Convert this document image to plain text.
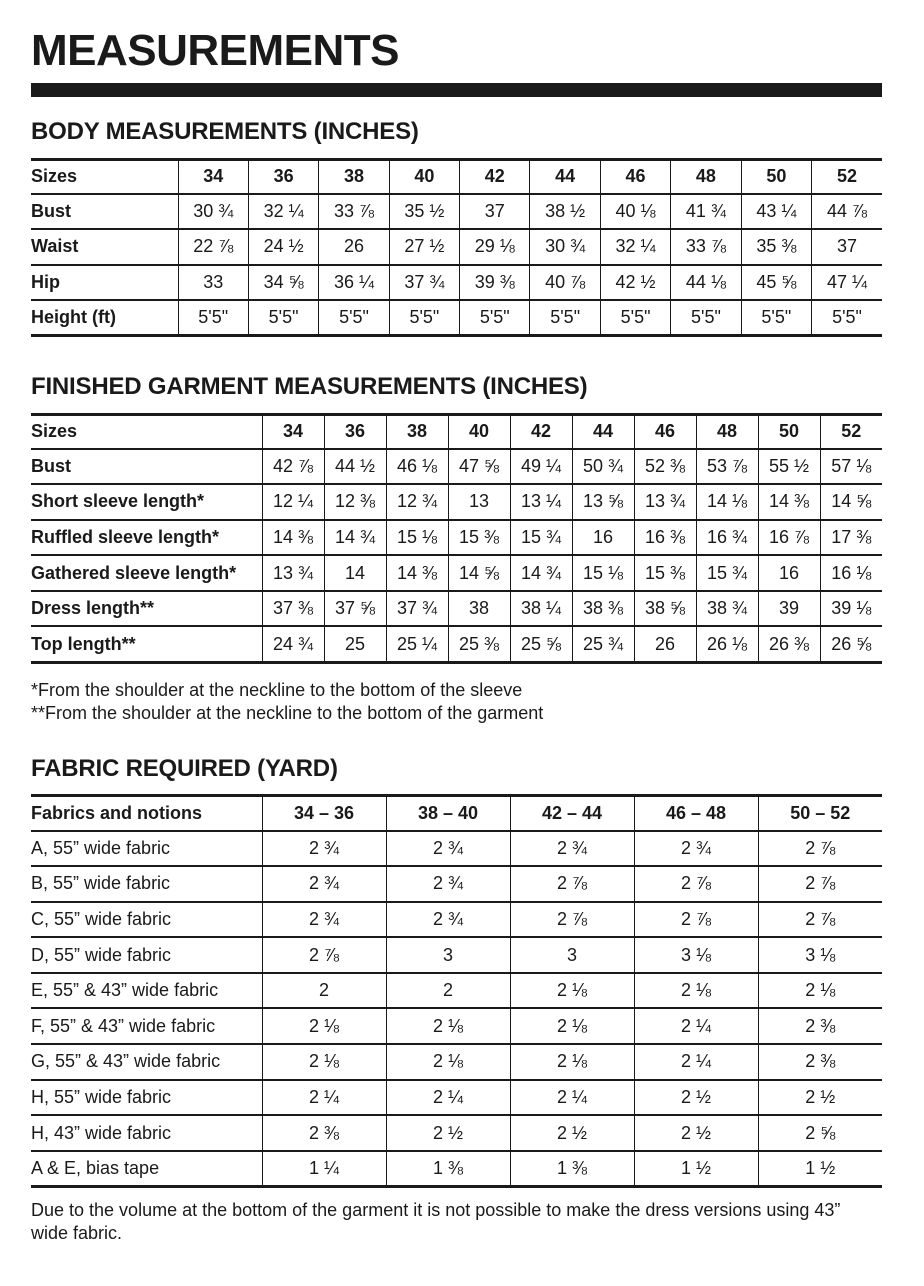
MEASUREMENTS
BODY MEASUREMENTS (INCHES)
Sizes	34	36	38	40	42	44	46	48	50	52
Bust	30 ¾	32 ¼	33 ⅞	35 ½	37	38 ½	40 ⅛	41 ¾	43 ¼	44 ⅞
Waist	22 ⅞	24 ½	26	27 ½	29 ⅛	30 ¾	32 ¼	33 ⅞	35 ⅜	37
Hip	33	34 ⅝	36 ¼	37 ¾	39 ⅜	40 ⅞	42 ½	44 ⅛	45 ⅝	47 ¼
Height (ft)	5'5"	5'5"	5'5"	5'5"	5'5"	5'5"	5'5"	5'5"	5'5"	5'5"
FINISHED GARMENT MEASUREMENTS (INCHES)
Sizes	34	36	38	40	42	44	46	48	50	52
Bust	42 ⅞	44 ½	46 ⅛	47 ⅝	49 ¼	50 ¾	52 ⅜	53 ⅞	55 ½	57 ⅛
Short sleeve length*	12 ¼	12 ⅜	12 ¾	13	13 ¼	13 ⅝	13 ¾	14 ⅛	14 ⅜	14 ⅝
Ruffled sleeve length*	14 ⅜	14 ¾	15 ⅛	15 ⅜	15 ¾	16	16 ⅜	16 ¾	16 ⅞	17 ⅜
Gathered sleeve length*	13 ¾	14	14 ⅜	14 ⅝	14 ¾	15 ⅛	15 ⅜	15 ¾	16	16 ⅛
Dress length**	37 ⅜	37 ⅝	37 ¾	38	38 ¼	38 ⅜	38 ⅝	38 ¾	39	39 ⅛
Top length**	24 ¾	25	25 ¼	25 ⅜	25 ⅝	25 ¾	26	26 ⅛	26 ⅜	26 ⅝

*From the shoulder at the neckline to the bottom of the sleeve

**From the shoulder at the neckline to the bottom of the garment

FABRIC REQUIRED (YARD)
Fabrics and notions	34 – 36	38 – 40	42 – 44	46 – 48	50 – 52
A, 55” wide fabric	2 ¾	2 ¾	2 ¾	2 ¾	2 ⅞
B, 55” wide fabric	2 ¾	2 ¾	2 ⅞	2 ⅞	2 ⅞
C, 55” wide fabric	2 ¾	2 ¾	2 ⅞	2 ⅞	2 ⅞
D, 55” wide fabric	2 ⅞	3	3	3 ⅛	3 ⅛
E, 55” & 43” wide fabric	2	2	2 ⅛	2 ⅛	2 ⅛
F, 55” & 43” wide fabric	2 ⅛	2 ⅛	2 ⅛	2 ¼	2 ⅜
G, 55” & 43” wide fabric	2 ⅛	2 ⅛	2 ⅛	2 ¼	2 ⅜
H, 55” wide fabric	2 ¼	2 ¼	2 ¼	2 ½	2 ½
H, 43” wide fabric	2 ⅜	2 ½	2 ½	2 ½	2 ⅝
A & E, bias tape	1 ¼	1 ⅜	1 ⅜	1 ½	1 ½

Due to the volume at the bottom of the garment it is not possible to make the dress versions using 43” wide fabric.
